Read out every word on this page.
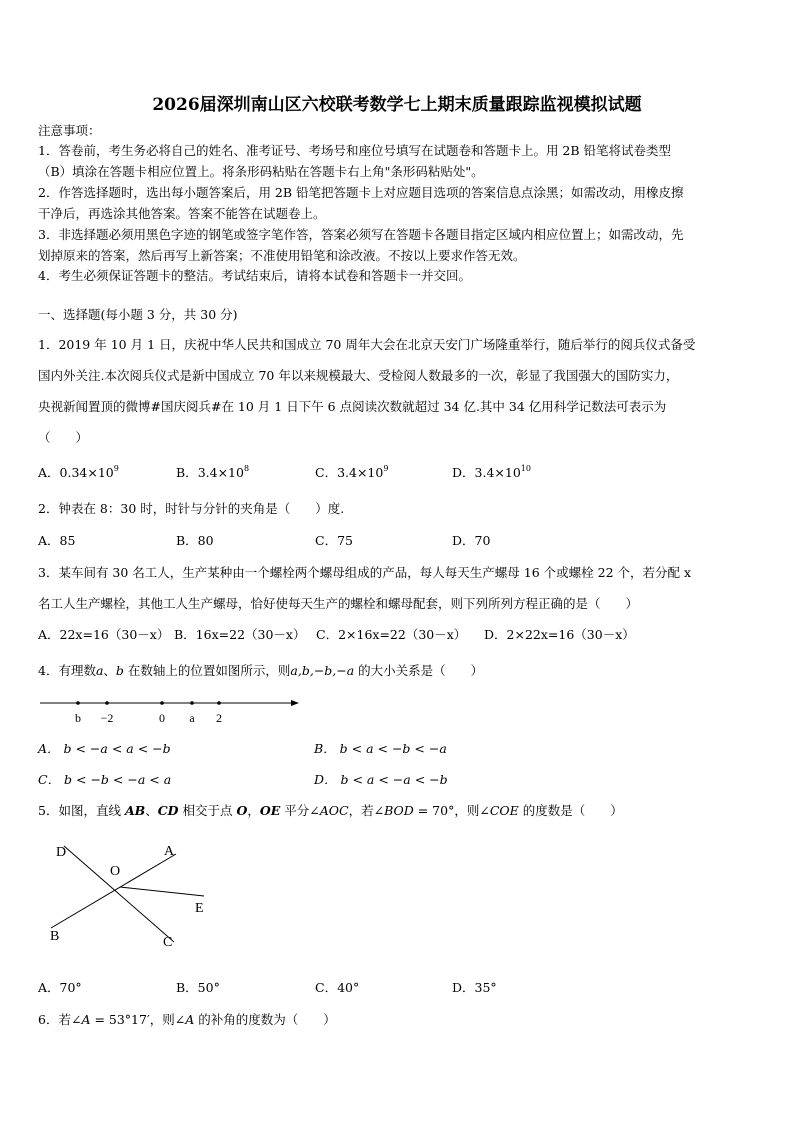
2026届深圳南山区六校联考数学七上期末质量跟踪监视模拟试题
注意事项：
1．答卷前，考生务必将自己的姓名、准考证号、考场号和座位号填写在试题卷和答题卡上。用 2B 铅笔将试卷类型
（B）填涂在答题卡相应位置上。将条形码粘贴在答题卡右上角"条形码粘贴处"。
2．作答选择题时，选出每小题答案后，用 2B 铅笔把答题卡上对应题目选项的答案信息点涂黑；如需改动，用橡皮擦
干净后，再选涂其他答案。答案不能答在试题卷上。
3．非选择题必须用黑色字迹的钢笔或签字笔作答，答案必须写在答题卡各题目指定区域内相应位置上；如需改动，先
划掉原来的答案，然后再写上新答案；不准使用铅笔和涂改液。不按以上要求作答无效。
4．考生必须保证答题卡的整洁。考试结束后，请将本试卷和答题卡一并交回。
一、选择题(每小题 3 分，共 30 分)
1．2019 年 10 月 1 日，庆祝中华人民共和国成立 70 周年大会在北京天安门广场隆重举行，随后举行的阅兵仪式备受
国内外关注.本次阅兵仪式是新中国成立 70 年以来规模最大、受检阅人数最多的一次，彰显了我国强大的国防实力，
央视新闻置顶的微博#国庆阅兵#在 10 月 1 日下午 6 点阅读次数就超过 34 亿.其中 34 亿用科学记数法可表示为
（　　）
A．$0.34\times 10^9$	B．$3.4\times 10^8$	C．$3.4\times 10^9$	D．$3.4\times 10^{10}$
2．钟表在 8：30 时，时针与分针的夹角是（　　）度.
A．85	B．80	C．75	D．70
3．某车间有 30 名工人，生产某种由一个螺栓两个螺母组成的产品，每人每天生产螺母 16 个或螺栓 22 个，若分配 x
名工人生产螺栓，其他工人生产螺母，恰好使每天生产的螺栓和螺母配套，则下列所列方程正确的是（　　）
A．22x=16（30－x） B．16x=22（30－x） C．2×16x=22（30－x） D．2×22x=16（30－x）
4．有理数a、b 在数轴上的位置如图所示，则a,b,−b,−a 的大小关系是（　　）
b −2	0 a 2
A． b < −a < a < −b	B． b < a < −b < −a
C． b < −b < −a < a	D． b < a < −a < −b
5．如图，直线 AB、CD 相交于点 O，OE 平分∠AOC，若∠BOD = 70°，则∠COE 的度数是（　　）
D	A
O
E
B	C
A．70°	B．50°	C．40°	D．35°
6．若∠A = 53°17′，则∠A 的补角的度数为（　　）
